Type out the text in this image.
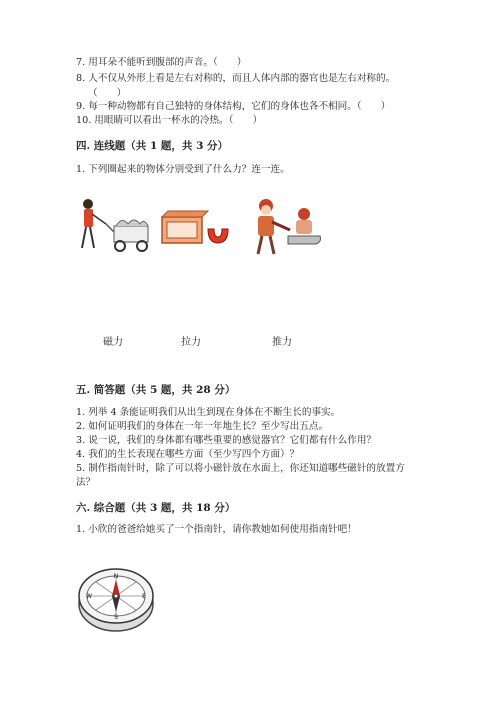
7. 用耳朵不能听到腹部的声音。（　　）
8. 人不仅从外形上看是左右对称的，而且人体内部的器官也是左右对称的。
（　　）
9. 每一种动物都有自己独特的身体结构，它们的身体也各不相同。（　　）
10. 用眼睛可以看出一杯水的冷热。（　　）
四. 连线题（共 1 题，共 3 分）
1. 下列圈起来的物体分别受到了什么力？连一连。
磁力	拉力	推力
五. 简答题（共 5 题，共 28 分）
1. 列举 4 条能证明我们从出生到现在身体在不断生长的事实。
2. 如何证明我们的身体在一年一年地生长？至少写出五点。
3. 说一说，我们的身体都有哪些重要的感觉器官？它们都有什么作用？
4. 我们的生长表现在哪些方面（至少写四个方面）？
5. 制作指南针时，除了可以将小磁针放在水面上，你还知道哪些磁针的放置方
法？
六. 综合题（共 3 题，共 18 分）
1. 小欣的爸爸给她买了一个指南针，请你教她如何使用指南针吧！
N
E
S
W
